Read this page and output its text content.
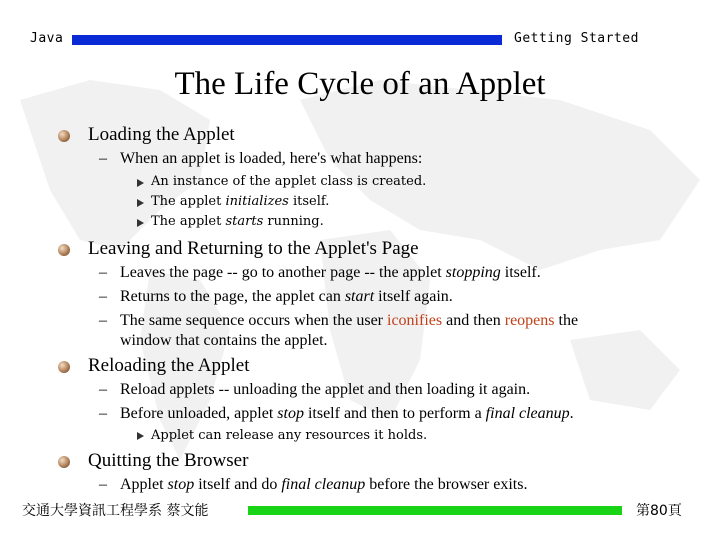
Java	Getting Started
The Life Cycle of an Applet
Loading the Applet
– When an applet is loaded, here's what happens:
An instance of the applet class is created.
The applet initializes itself.
The applet starts running.
Leaving and Returning to the Applet's Page
– Leaves the page -- go to another page -- the applet stopping itself.
– Returns to the page, the applet can start itself again.
– The same sequence occurs when the user iconifies and then reopens the
window that contains the applet.
Reloading the Applet
– Reload applets -- unloading the applet and then loading it again.
– Before unloaded, applet stop itself and then to perform a final cleanup.
Applet can release any resources it holds.
Quitting the Browser
– Applet stop itself and do final cleanup before the browser exits.
交通大學資訊工程學系 蔡文能	第80頁
